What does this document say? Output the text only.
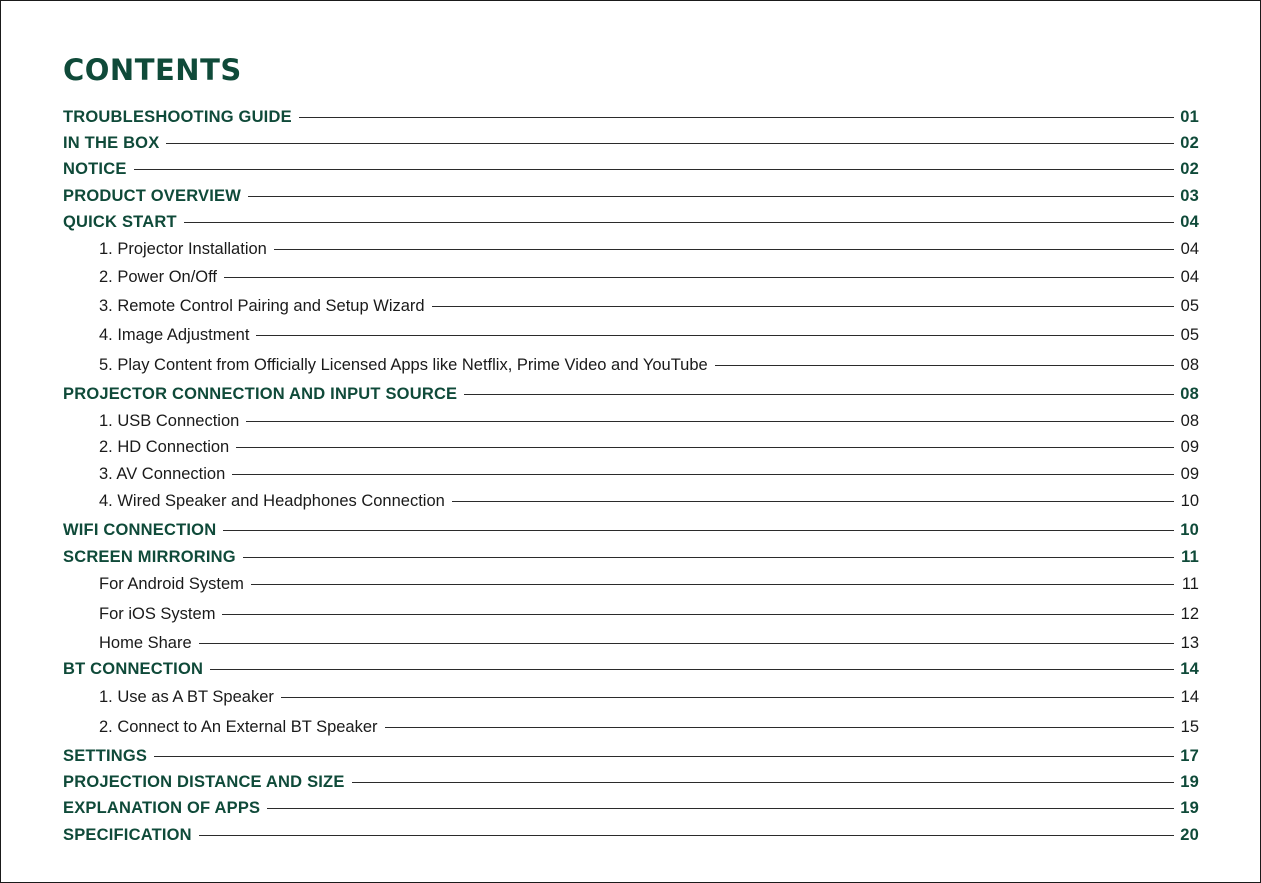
CONTENTS
TROUBLESHOOTING GUIDE	01
IN THE BOX	02
NOTICE	02
PRODUCT OVERVIEW	03
QUICK START	04
1. Projector Installation	04
2. Power On/Off	04
3. Remote Control Pairing and Setup Wizard	05
4. Image Adjustment	05
5. Play Content from Officially Licensed Apps like Netflix, Prime Video and YouTube	08
PROJECTOR CONNECTION AND INPUT SOURCE	08
1. USB Connection	08
2. HD Connection	09
3. AV Connection	09
4. Wired Speaker and Headphones Connection	10
WIFI CONNECTION	10
SCREEN MIRRORING	11
For Android System	11
For iOS System	12
Home Share	13
BT CONNECTION	14
1. Use as A BT Speaker	14
2. Connect to An External BT Speaker	15
SETTINGS	17
PROJECTION DISTANCE AND SIZE	19
EXPLANATION OF APPS	19
SPECIFICATION	20
